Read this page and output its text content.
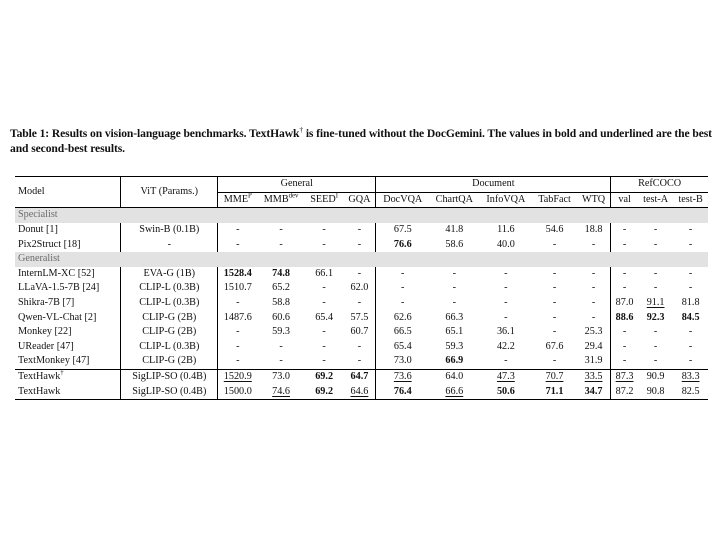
Table 1: Results on vision-language benchmarks. TextHawk† is fine-tuned without the DocGemini. The values in bold and underlined are the best and second-best results.

Model	ViT (Params.)	General				Document					RefCOCO		
		$MME^P$	$MMB^{dev}$	$SEED^I$	GQA	DocVQA	ChartQA	InfoVQA	TabFact	WTQ	val	test-A	test-B
Specialist													
Donut [1]	Swin-B (0.1B)	-	-	-	-	67.5	41.8	11.6	54.6	18.8	-	-	-
Pix2Struct [18]	-	-	-	-	-	76.6	58.6	40.0	-	-	-	-	-
Generalist													
InternLM-XC [52]	EVA-G (1B)	1528.4	74.8	66.1	-	-	-	-	-	-	-	-	-
LLaVA-1.5-7B [24]	CLIP-L (0.3B)	1510.7	65.2	-	62.0	-	-	-	-	-	-	-	-
Shikra-7B [7]	CLIP-L (0.3B)	-	58.8	-	-	-	-	-	-	-	87.0	91.1	81.8
Qwen-VL-Chat [2]	CLIP-G (2B)	1487.6	60.6	65.4	57.5	62.6	66.3	-	-	-	88.6	92.3	84.5
Monkey [22]	CLIP-G (2B)	-	59.3	-	60.7	66.5	65.1	36.1	-	25.3	-	-	-
UReader [47]	CLIP-L (0.3B)	-	-	-	-	65.4	59.3	42.2	67.6	29.4	-	-	-
TextMonkey [47]	CLIP-G (2B)	-	-	-	-	73.0	66.9	-	-	31.9	-	-	-
TextHawk†	SigLIP-SO (0.4B)	1520.9	73.0	69.2	64.7	73.6	64.0	47.3	70.7	33.5	87.3	90.9	83.3
TextHawk	SigLIP-SO (0.4B)	1500.0	74.6	69.2	64.6	76.4	66.6	50.6	71.1	34.7	87.2	90.8	82.5
